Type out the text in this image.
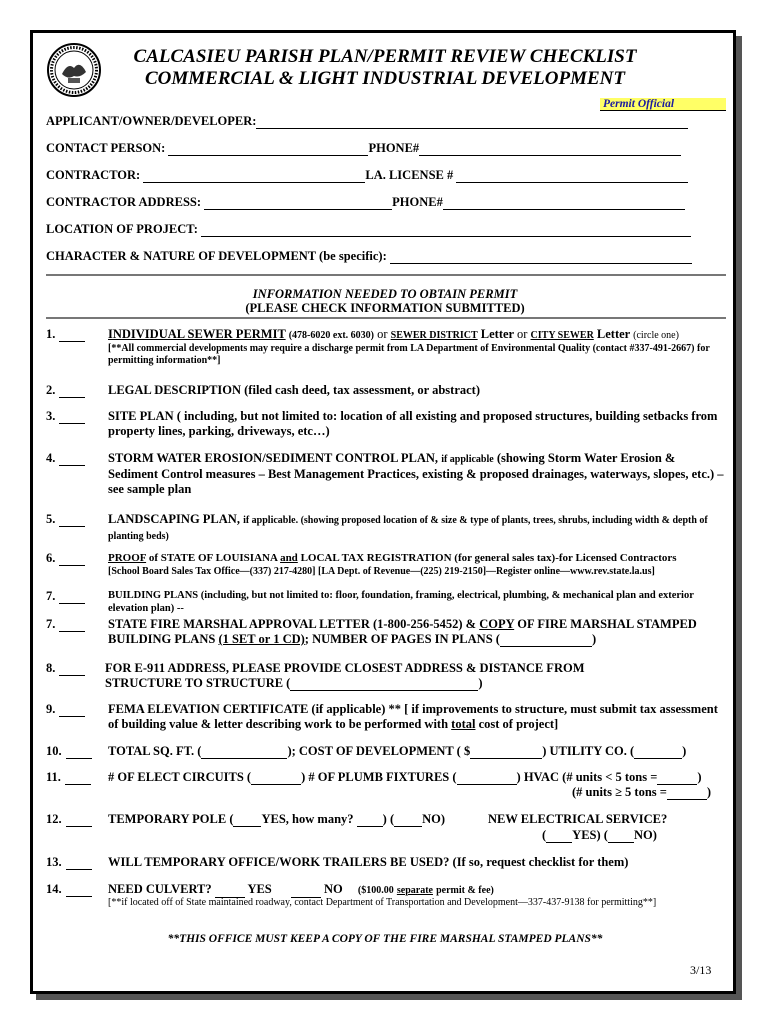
CALCASIEU PARISH PLAN/PERMIT REVIEW CHECKLIST
COMMERCIAL & LIGHT INDUSTRIAL DEVELOPMENT
Permit Official
APPLICANT/OWNER/DEVELOPER:
CONTACT PERSON:	PHONE#
CONTRACTOR:	LA. LICENSE #
CONTRACTOR ADDRESS:	PHONE#
LOCATION OF PROJECT:
CHARACTER & NATURE OF DEVELOPMENT (be specific):
INFORMATION NEEDED TO OBTAIN PERMIT
(PLEASE CHECK INFORMATION SUBMITTED)
1.	INDIVIDUAL SEWER PERMIT (478-6020 ext. 6030) or SEWER DISTRICT Letter or CITY SEWER Letter (circle one)
[**All commercial developments may require a discharge permit from LA Department of Environmental Quality (contact #337-491-2667) for permitting information**]
2.	LEGAL DESCRIPTION (filed cash deed, tax assessment, or abstract)
3.	SITE PLAN ( including, but not limited to: location of all existing and proposed structures, building setbacks from property lines, parking, driveways, etc…)
4.	STORM WATER EROSION/SEDIMENT CONTROL PLAN, if applicable (showing Storm Water Erosion & Sediment Control measures – Best Management Practices, existing & proposed drainages, waterways, slopes, etc.) – see sample plan
5.	LANDSCAPING PLAN, if applicable. (showing proposed location of & size & type of plants, trees, shrubs, including width & depth of planting beds)
6.	PROOF of STATE OF LOUISIANA and LOCAL TAX REGISTRATION (for general sales tax)-for Licensed Contractors
[School Board Sales Tax Office—(337) 217-4280] [LA Dept. of Revenue—(225) 219-2150]—Register online—www.rev.state.la.us]
7.	BUILDING PLANS (including, but not limited to: floor, foundation, framing, electrical, plumbing, & mechanical plan and exterior elevation plan) --
7.	STATE FIRE MARSHAL APPROVAL LETTER (1-800-256-5452) & COPY OF FIRE MARSHAL STAMPED BUILDING PLANS (1 SET or 1 CD); NUMBER OF PAGES IN PLANS (	)
8.	FOR E-911 ADDRESS, PLEASE PROVIDE CLOSEST ADDRESS & DISTANCE FROM STRUCTURE TO STRUCTURE (	)
9.	FEMA ELEVATION CERTIFICATE (if applicable) ** [ if improvements to structure, must submit tax assessment of building value & letter describing work to be performed with total cost of project]
10.	TOTAL SQ. FT. (	); COST OF DEVELOPMENT ( $	) UTILITY CO. (	)
11.	# OF ELECT CIRCUITS (	) # OF PLUMB FIXTURES (	) HVAC (# units < 5 tons =	)
(# units ≥ 5 tons =	)
12.	TEMPORARY POLE ( YES, how many? ) ( NO)	NEW ELECTRICAL SERVICE?
( YES) ( NO)
13.	WILL TEMPORARY OFFICE/WORK TRAILERS BE USED? (If so, request checklist for them)
14.	NEED CULVERT?	YES	NO ($100.00 separate permit & fee)
[**if located off of State maintained roadway, contact Department of Transportation and Development—337-437-9138 for permitting**]
**THIS OFFICE MUST KEEP A COPY OF THE FIRE MARSHAL STAMPED PLANS**
3/13
